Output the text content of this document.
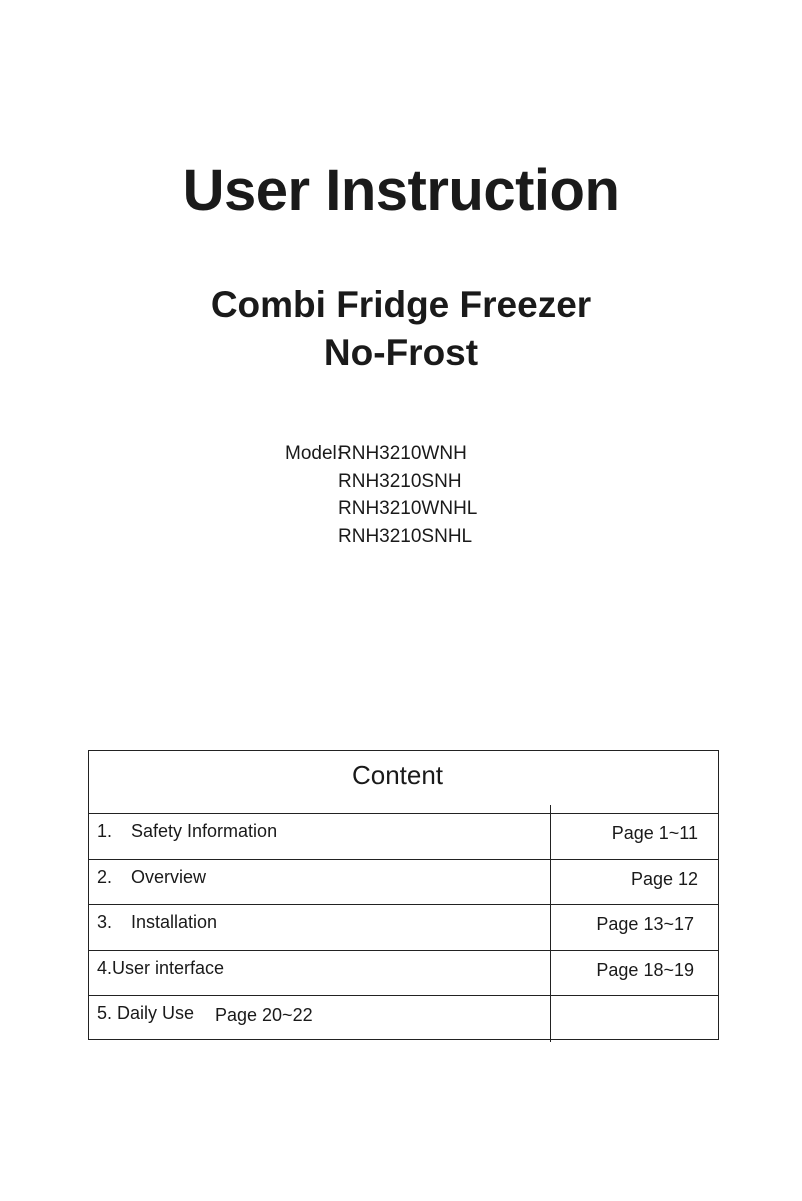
User Instruction
Combi Fridge Freezer
No-Frost
Model:
RNH3210WNH
RNH3210SNH
RNH3210WNHL
RNH3210SNHL
Content
1. Safety Information	Page 1~11
2. Overview	Page 12
3. Installation	Page 13~17
4.User interface	Page 18~19
5. Daily Use Page 20~22
